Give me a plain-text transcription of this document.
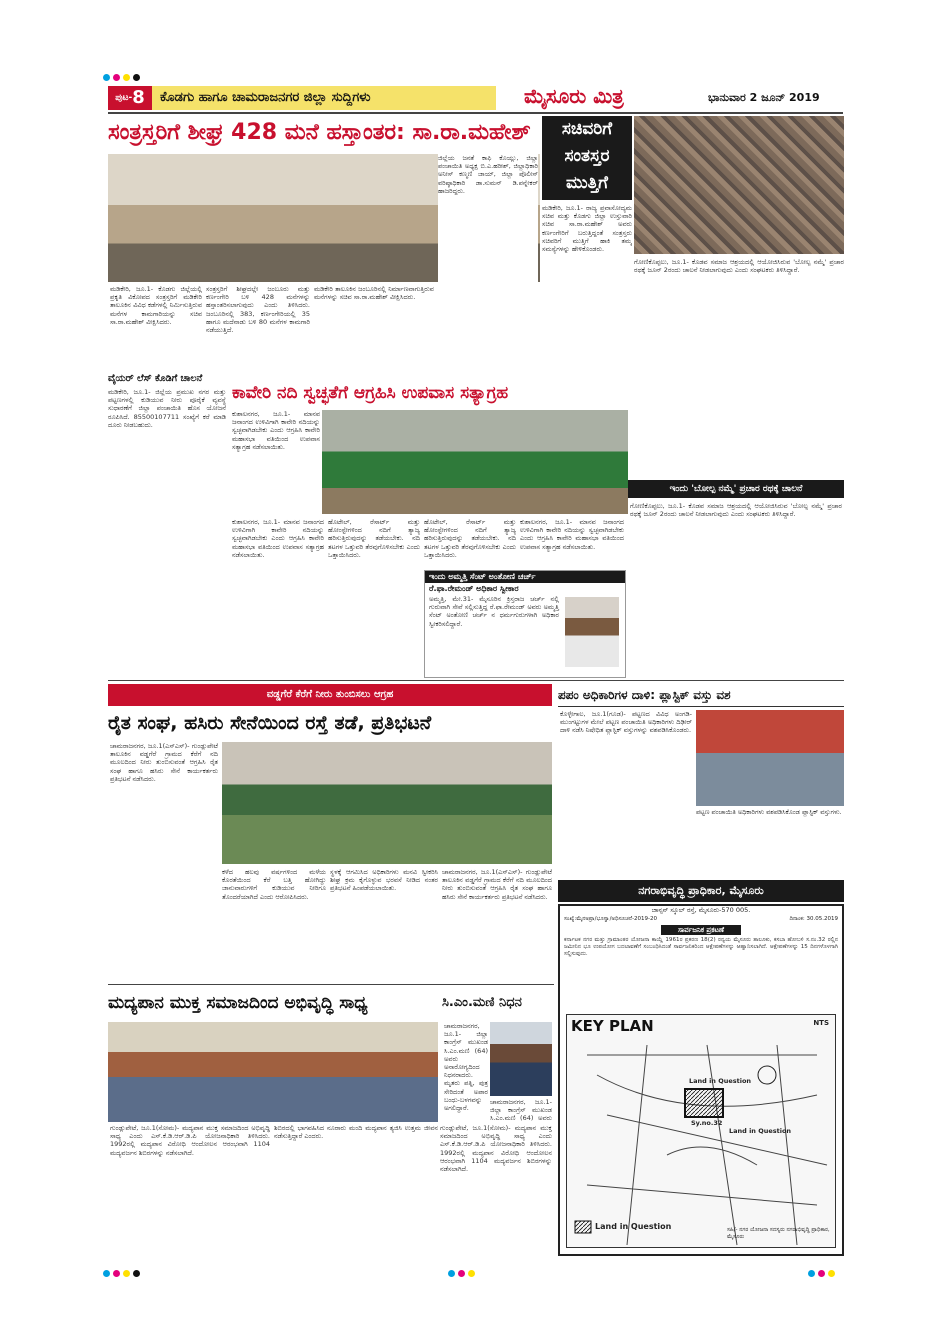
ಪುಟ-8	ಕೊಡಗು ಹಾಗೂ ಚಾಮರಾಜನಗರ ಜಿಲ್ಲಾ ಸುದ್ದಿಗಳು	ಮೈಸೂರು ಮಿತ್ರ	ಭಾನುವಾರ 2 ಜೂನ್ 2019
ಸಂತ್ರಸ್ತರಿಗೆ ಶೀಘ್ರ 428 ಮನೆ ಹಸ್ತಾಂತರ: ಸಾ.ರಾ.ಮಹೇಶ್
ಮಡಿಕೇರಿ, ಜೂ.1- ಕೊಡಗು ಜಿಲ್ಲೆಯಲ್ಲಿ ಪ್ರಕೃತಿ ವಿಕೋಪದ ಸಂತ್ರಸ್ತರಿಗೆ ಮಡಿಕೇರಿ ತಾಲೂಕಿನ ವಿವಿಧ ಕಡೆಗಳಲ್ಲಿ ನಿರ್ಮಿಸುತ್ತಿರುವ ಮನೆಗಳ ಕಾಮಗಾರಿಯನ್ನು ಸಚಿವ ಸಾ.ರಾ.ಮಹೇಶ್ ವೀಕ್ಷಿಸಿದರು.
ಸಂತ್ರಸ್ತರಿಗೆ ಶೀಘ್ರದಲ್ಲೇ ಜಂಬೂರು ಮತ್ತು ಕರ್ಣಂಗೇರಿ ಬಳಿ 428 ಮನೆಗಳನ್ನು ಹಸ್ತಾಂತರಿಸಲಾಗುವುದು ಎಂದು ತಿಳಿಸಿದರು. ಜಂಬೂರಿನಲ್ಲಿ 383, ಕರ್ಣಂಗೇರಿಯಲ್ಲಿ 35 ಹಾಗೂ ಮದೆನಾಡು ಬಳಿ 80 ಮನೆಗಳ ಕಾಮಗಾರಿ ನಡೆಯುತ್ತಿದೆ.
ಮಡಿಕೇರಿ ತಾಲೂಕಿನ ಜಂಬೂರಿನಲ್ಲಿ ನಿರ್ಮಾಣವಾಗುತ್ತಿರುವ ಮನೆಗಳನ್ನು ಸಚಿವ ಸಾ.ರಾ.ಮಹೇಶ್ ವೀಕ್ಷಿಸಿದರು.
ಜಿಲ್ಲೆಯ ಜನತೆ ಕಾಫಿ ಕೊಯ್ಲು, ಜಿಲ್ಲಾ ಪಂಚಾಯಿತಿ ಅಧ್ಯಕ್ಷ ಬಿ.ಎ.ಹರೀಶ್, ಜಿಲ್ಲಾಧಿಕಾರಿ ಅನೀಸ್ ಕಣ್ಮಣಿ ಜಾಯ್, ಜಿಲ್ಲಾ ಪೊಲೀಸ್ ವರಿಷ್ಠಾಧಿಕಾರಿ ಡಾ.ಸುಮನ್ ಡಿ.ಪನ್ನೇಕರ್ ಹಾಜರಿದ್ದರು.
ಸಚಿವರಿಗೆ ಸಂತಸ್ತರ ಮುತ್ತಿಗೆ
ಮಡಿಕೇರಿ, ಜೂ.1- ರಾಜ್ಯ ಪ್ರವಾಸೋದ್ಯಮ ಸಚಿವ ಮತ್ತು ಕೊಡಗು ಜಿಲ್ಲಾ ಉಸ್ತುವಾರಿ ಸಚಿವ ಸಾ.ರಾ.ಮಹೇಶ್ ಅವರು ಕರ್ಣಂಗೇರಿಗೆ ಬರುತ್ತಿದ್ದಂತೆ ಸಂತ್ರಸ್ತರು ಸಚಿವರಿಗೆ ಮುತ್ತಿಗೆ ಹಾಕಿ ತಮ್ಮ ಸಮಸ್ಯೆಗಳನ್ನು ಹೇಳಿಕೊಂಡರು.
ಗೋಣಿಕೊಪ್ಪಲು, ಜೂ.1- ಕೊಡವ ಸಮಾಜ ಆಶ್ರಯದಲ್ಲಿ ಆಯೋಜಿಸಿರುವ 'ಬೋಲ್ಪ ನಮ್ಮೆ' ಪ್ರಚಾರ ರಥಕ್ಕೆ ಜೂನ್ 2ರಂದು ಚಾಲನೆ ನೀಡಲಾಗುವುದು ಎಂದು ಸಂಘಟಕರು ತಿಳಿಸಿದ್ದಾರೆ.
ವೈಯರ್ ಲೆಸ್ ಕೊಡಿಗೆ ಚಾಲನೆ
ಕಾವೇರಿ ನದಿ ಸ್ವಚ್ಛತೆಗೆ ಆಗ್ರಹಿಸಿ ಉಪವಾಸ ಸತ್ಯಾಗ್ರಹ
ಮಡಿಕೇರಿ, ಜೂ.1- ಜಿಲ್ಲೆಯ ಪ್ರಮುಖ ನಗರ ಮತ್ತು ಪಟ್ಟಣಗಳಲ್ಲಿ ಕುಡಿಯುವ ನೀರು ಪೂರೈಕೆ ವ್ಯವಸ್ಥೆ ಸುಧಾರಣೆಗೆ ಜಿಲ್ಲಾ ಪಂಚಾಯಿತಿ ಹೊಸ ಯೋಜನೆ ರೂಪಿಸಿದೆ. 85500107711 ಸಂಖ್ಯೆಗೆ ಕರೆ ಮಾಡಿ ದೂರು ನೀಡಬಹುದು.
ಕುಶಾಲನಗರ, ಜೂ.1- ಮಾನವ ಜನಾಂಗದ ಉಳಿವಿಗಾಗಿ ಕಾವೇರಿ ನದಿಯನ್ನು ಸ್ವಚ್ಛವಾಗಿಡಬೇಕು ಎಂದು ಆಗ್ರಹಿಸಿ ಕಾವೇರಿ ಮಹಾಸಭಾ ವತಿಯಿಂದ ಉಪವಾಸ ಸತ್ಯಾಗ್ರಹ ನಡೆಸಲಾಯಿತು.
ಕುಶಾಲನಗರ, ಜೂ.1- ಮಾನವ ಜನಾಂಗದ ಉಳಿವಿಗಾಗಿ ಕಾವೇರಿ ನದಿಯನ್ನು ಸ್ವಚ್ಛವಾಗಿಡಬೇಕು ಎಂದು ಆಗ್ರಹಿಸಿ ಕಾವೇರಿ ಮಹಾಸಭಾ ವತಿಯಿಂದ ಉಪವಾಸ ಸತ್ಯಾಗ್ರಹ ನಡೆಸಲಾಯಿತು.
ಹೊಟೇಲ್, ರೆಸಾರ್ಟ್ ಮತ್ತು ಹೋಂಸ್ಟೇಗಳಿಂದ ನದಿಗೆ ತ್ಯಾಜ್ಯ ಹರಿಸುತ್ತಿರುವುದನ್ನು ತಡೆಯಬೇಕು. ನದಿ ತಟಗಳ ಒತ್ತುವರಿ ತೆರವುಗೊಳಿಸಬೇಕು ಎಂದು ಒತ್ತಾಯಿಸಿದರು.
ಹೊಟೇಲ್, ರೆಸಾರ್ಟ್ ಮತ್ತು ಹೋಂಸ್ಟೇಗಳಿಂದ ನದಿಗೆ ತ್ಯಾಜ್ಯ ಹರಿಸುತ್ತಿರುವುದನ್ನು ತಡೆಯಬೇಕು. ನದಿ ತಟಗಳ ಒತ್ತುವರಿ ತೆರವುಗೊಳಿಸಬೇಕು ಎಂದು ಒತ್ತಾಯಿಸಿದರು.
ಕುಶಾಲನಗರ, ಜೂ.1- ಮಾನವ ಜನಾಂಗದ ಉಳಿವಿಗಾಗಿ ಕಾವೇರಿ ನದಿಯನ್ನು ಸ್ವಚ್ಛವಾಗಿಡಬೇಕು ಎಂದು ಆಗ್ರಹಿಸಿ ಕಾವೇರಿ ಮಹಾಸಭಾ ವತಿಯಿಂದ ಉಪವಾಸ ಸತ್ಯಾಗ್ರಹ ನಡೆಸಲಾಯಿತು.
ಇಂದು ಅಮ್ಮತ್ತಿ ಸೆಂಟ್ ಅಂತೋಣಿ ಚರ್ಚ್
ರೆ.ಫಾ.ರೇಮಂಡ್ ಅಧಿಕಾರ ಸ್ವೀಕಾರ
ಅಮ್ಮತ್ತಿ, ಮೇ.31- ಮೈಸೂರಿನ ಕ್ರಿಸ್ತರಾಜ ಚರ್ಚ್ ನಲ್ಲಿ ಗುರುವಾಗಿ ಸೇವೆ ಸಲ್ಲಿಸುತ್ತಿದ್ದ ರೆ.ಫಾ.ರೇಮಂಡ್ ಅವರು ಅಮ್ಮತ್ತಿ ಸೆಂಟ್ ಅಂತೋಣಿ ಚರ್ಚ್ ನ ಧರ್ಮಗುರುಗಳಾಗಿ ಅಧಿಕಾರ ಸ್ವೀಕರಿಸಲಿದ್ದಾರೆ.
ಇಂದು 'ಬೋಲ್ಪ ನಮ್ಮೆ' ಪ್ರಚಾರ ರಥಕ್ಕೆ ಚಾಲನೆ
ಗೋಣಿಕೊಪ್ಪಲು, ಜೂ.1- ಕೊಡವ ಸಮಾಜ ಆಶ್ರಯದಲ್ಲಿ ಆಯೋಜಿಸಿರುವ 'ಬೋಲ್ಪ ನಮ್ಮೆ' ಪ್ರಚಾರ ರಥಕ್ಕೆ ಜೂನ್ 2ರಂದು ಚಾಲನೆ ನೀಡಲಾಗುವುದು ಎಂದು ಸಂಘಟಕರು ತಿಳಿಸಿದ್ದಾರೆ.
ವಡ್ಡಗೆರೆ ಕೆರೆಗೆ ನೀರು ತುಂಬಿಸಲು ಆಗ್ರಹ
ರೈತ ಸಂಘ, ಹಸಿರು ಸೇನೆಯಿಂದ ರಸ್ತೆ ತಡೆ, ಪ್ರತಿಭಟನೆ
ಚಾಮರಾಜನಗರ, ಜೂ.1(ಎಸ್ಎಸ್)- ಗುಂಡ್ಲುಪೇಟೆ ತಾಲೂಕಿನ ವಡ್ಡಗೆರೆ ಗ್ರಾಮದ ಕೆರೆಗೆ ನದಿ ಮೂಲದಿಂದ ನೀರು ತುಂಬಿಸುವಂತೆ ಆಗ್ರಹಿಸಿ ರೈತ ಸಂಘ ಹಾಗೂ ಹಸಿರು ಸೇನೆ ಕಾರ್ಯಕರ್ತರು ಪ್ರತಿಭಟನೆ ನಡೆಸಿದರು.
ಕಳೆದ ಹಲವು ವರ್ಷಗಳಿಂದ ಮಳೆಯ ಕೊರತೆಯಿಂದ ಕೆರೆ ಬತ್ತಿ ಹೋಗಿದ್ದು ಜಾನುವಾರುಗಳಿಗೆ ಕುಡಿಯುವ ನೀರಿಗೂ ತೊಂದರೆಯಾಗಿದೆ ಎಂದು ಆರೋಪಿಸಿದರು.
ಸ್ಥಳಕ್ಕೆ ಆಗಮಿಸಿದ ಅಧಿಕಾರಿಗಳು ಮನವಿ ಸ್ವೀಕರಿಸಿ ಶೀಘ್ರ ಕ್ರಮ ಕೈಗೊಳ್ಳುವ ಭರವಸೆ ನೀಡಿದ ನಂತರ ಪ್ರತಿಭಟನೆ ಹಿಂಪಡೆಯಲಾಯಿತು.
ಚಾಮರಾಜನಗರ, ಜೂ.1(ಎಸ್ಎಸ್)- ಗುಂಡ್ಲುಪೇಟೆ ತಾಲೂಕಿನ ವಡ್ಡಗೆರೆ ಗ್ರಾಮದ ಕೆರೆಗೆ ನದಿ ಮೂಲದಿಂದ ನೀರು ತುಂಬಿಸುವಂತೆ ಆಗ್ರಹಿಸಿ ರೈತ ಸಂಘ ಹಾಗೂ ಹಸಿರು ಸೇನೆ ಕಾರ್ಯಕರ್ತರು ಪ್ರತಿಭಟನೆ ನಡೆಸಿದರು.
ಪಪಂ ಅಧಿಕಾರಿಗಳ ದಾಳಿ: ಪ್ಲಾಸ್ಟಿಕ್ ವಸ್ತು ವಶ
ಕೊಳ್ಳೇಗಾಲ, ಜೂ.1(ಗೂಡ)- ಪಟ್ಟಣದ ವಿವಿಧ ಅಂಗಡಿ-ಮುಂಗಟ್ಟುಗಳ ಮೇಲೆ ಪಟ್ಟಣ ಪಂಚಾಯಿತಿ ಅಧಿಕಾರಿಗಳು ದಿಢೀರ್ ದಾಳಿ ನಡೆಸಿ ನಿಷೇಧಿತ ಪ್ಲಾಸ್ಟಿಕ್ ವಸ್ತುಗಳನ್ನು ವಶಪಡಿಸಿಕೊಂಡರು.
ಪಟ್ಟಣ ಪಂಚಾಯಿತಿ ಅಧಿಕಾರಿಗಳು ವಶಪಡಿಸಿಕೊಂಡ ಪ್ಲಾಸ್ಟಿಕ್ ವಸ್ತುಗಳು.
ನಗರಾಭಿವೃದ್ಧಿ ಪ್ರಾಧಿಕಾರ, ಮೈಸೂರು
ಜಾನ್ಸನ್ ಸ್ಕೂಲ್ ರಸ್ತೆ, ಮೈಸೂರು-570 005.
ಸಂಖ್ಯೆ:ಮೈನಅಪ್ರಾ/ಭೂಸ್ವಾ/ಅಧಿಸೂಚನೆ-2019-20	ದಿನಾಂಕ: 30.05.2019
ಸಾರ್ವಜನಿಕ ಪ್ರಕಟಣೆ
ಕರ್ನಾಟಕ ನಗರ ಮತ್ತು ಗ್ರಾಮಾಂತರ ಯೋಜನಾ ಕಾಯ್ದೆ 1961ರ ಪ್ರಕರಣ 18(2) ರನ್ವಯ ಮೈಸೂರು ತಾಲೂಕು, ಕಸಬಾ ಹೋಬಳಿ ಸ.ನಂ.32 ರಲ್ಲಿನ ಜಮೀನಿನ ಭೂ ಉಪಯೋಗ ಬದಲಾವಣೆಗೆ ಸಂಬಂಧಿಸಿದಂತೆ ಸಾರ್ವಜನಿಕರಿಂದ ಆಕ್ಷೇಪಣೆಗಳನ್ನು ಆಹ್ವಾನಿಸಲಾಗಿದೆ. ಆಕ್ಷೇಪಣೆಗಳನ್ನು 15 ದಿನಗಳೊಳಗಾಗಿ ಸಲ್ಲಿಸುವುದು.
KEY PLAN	NTS
Land in Question
Sy.no.32
Land in Question
Land in Question	ಸಹಿ/- ನಗರ ಯೋಜನಾ ಸದಸ್ಯರು ನಗರಾಭಿವೃದ್ಧಿ ಪ್ರಾಧಿಕಾರ, ಮೈಸೂರು
ಮದ್ಯಪಾನ ಮುಕ್ತ ಸಮಾಜದಿಂದ ಅಭಿವೃದ್ಧಿ ಸಾಧ್ಯ
ಗುಂಡ್ಲುಪೇಟೆ, ಜೂ.1(ಸೋಮ)- ಮದ್ಯಪಾನ ಮುಕ್ತ ಸಮಾಜದಿಂದ ಅಭಿವೃದ್ಧಿ ಸಾಧ್ಯ ಎಂದು ಎಸ್.ಕೆ.ಡಿ.ಆರ್.ಡಿ.ಪಿ ಯೋಜನಾಧಿಕಾರಿ ತಿಳಿಸಿದರು. 1992ರಲ್ಲಿ ಮದ್ಯಪಾನ ವಿರೋಧಿ ಆಂದೋಲನ ಆರಂಭವಾಗಿ 1104 ಮದ್ಯವರ್ಜನ ಶಿಬಿರಗಳನ್ನು ನಡೆಸಲಾಗಿದೆ.
ಶಿಬಿರದಲ್ಲಿ ಭಾಗವಹಿಸಿದ ನೂರಾರು ಮಂದಿ ಮದ್ಯಪಾನ ತ್ಯಜಿಸಿ ಉತ್ತಮ ಜೀವನ ನಡೆಸುತ್ತಿದ್ದಾರೆ ಎಂದರು.
ಗುಂಡ್ಲುಪೇಟೆ, ಜೂ.1(ಸೋಮ)- ಮದ್ಯಪಾನ ಮುಕ್ತ ಸಮಾಜದಿಂದ ಅಭಿವೃದ್ಧಿ ಸಾಧ್ಯ ಎಂದು ಎಸ್.ಕೆ.ಡಿ.ಆರ್.ಡಿ.ಪಿ ಯೋಜನಾಧಿಕಾರಿ ತಿಳಿಸಿದರು. 1992ರಲ್ಲಿ ಮದ್ಯಪಾನ ವಿರೋಧಿ ಆಂದೋಲನ ಆರಂಭವಾಗಿ 1104 ಮದ್ಯವರ್ಜನ ಶಿಬಿರಗಳನ್ನು ನಡೆಸಲಾಗಿದೆ.
ಸಿ.ಎಂ.ಮಣಿ ನಿಧನ
ಚಾಮರಾಜನಗರ, ಜೂ.1- ಜಿಲ್ಲಾ ಕಾಂಗ್ರೆಸ್ ಮುಖಂಡ ಸಿ.ಎಂ.ಮಣಿ (64) ಅವರು ಅನಾರೋಗ್ಯದಿಂದ ನಿಧನರಾದರು. ಮೃತರು ಪತ್ನಿ, ಪುತ್ರ ಸೇರಿದಂತೆ ಅಪಾರ ಬಂಧು-ಬಳಗವನ್ನು ಅಗಲಿದ್ದಾರೆ.
ಚಾಮರಾಜನಗರ, ಜೂ.1- ಜಿಲ್ಲಾ ಕಾಂಗ್ರೆಸ್ ಮುಖಂಡ ಸಿ.ಎಂ.ಮಣಿ (64) ಅವರು
